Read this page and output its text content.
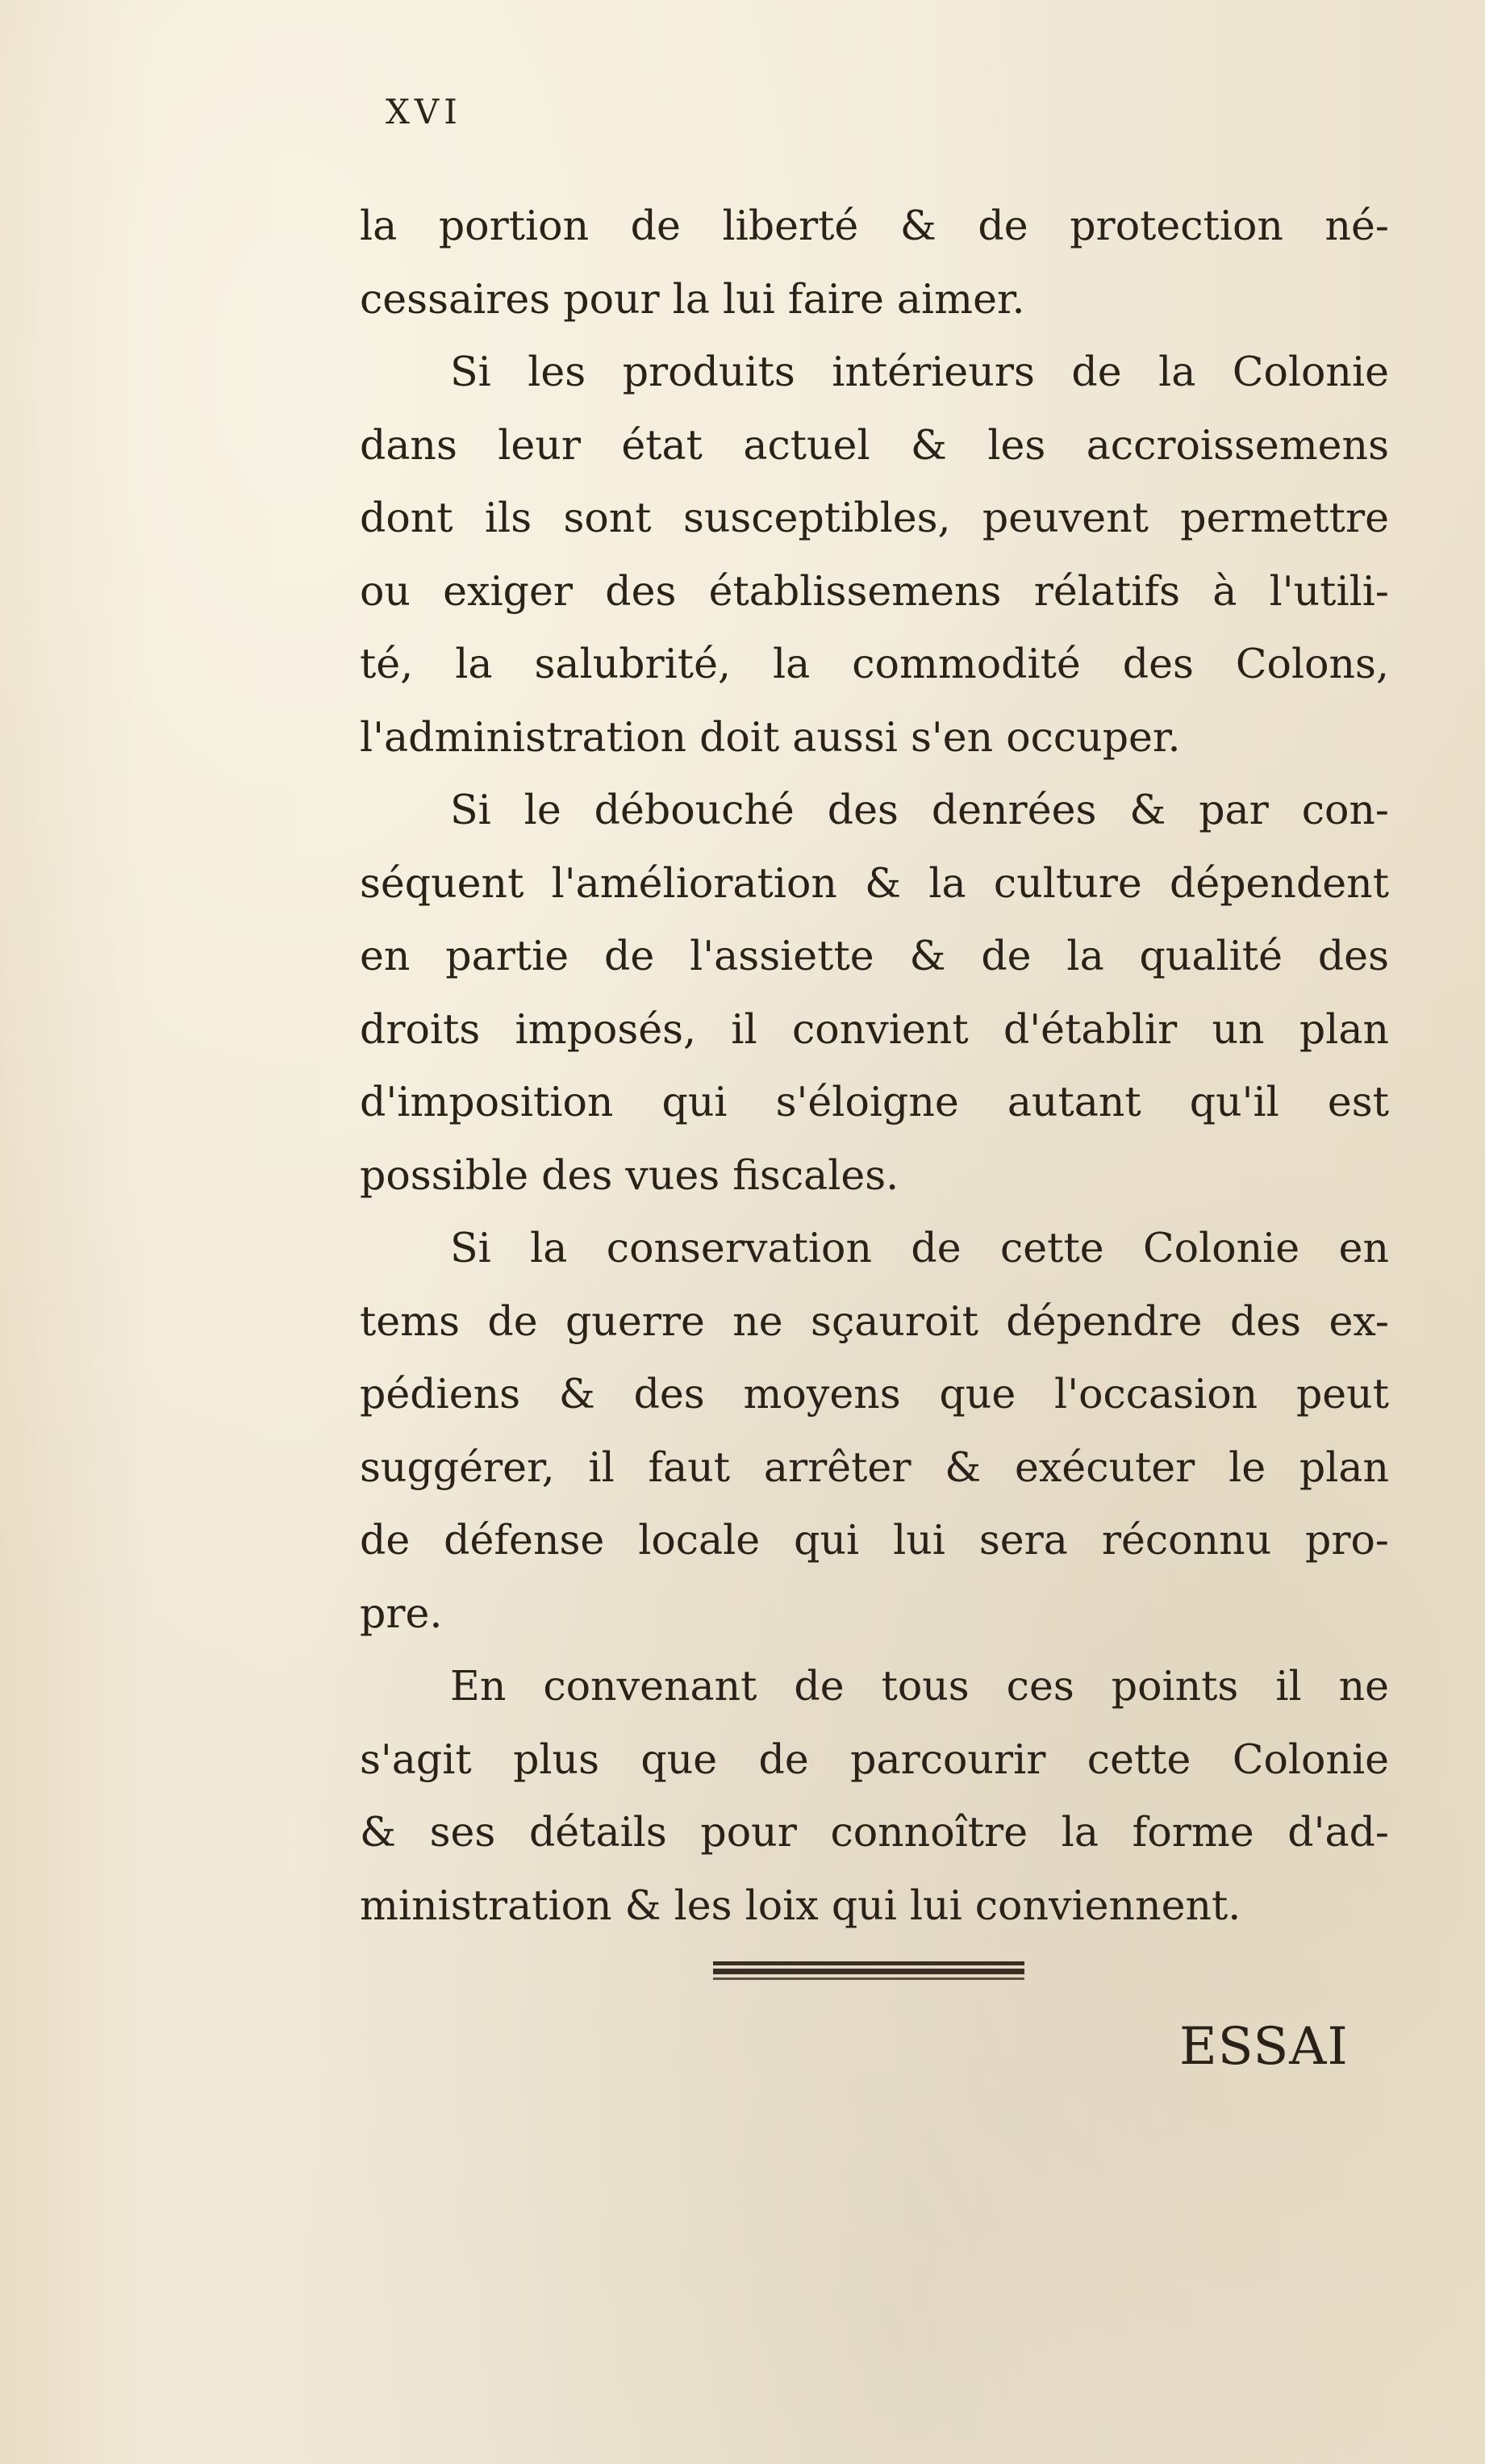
XVI
la portion de liberté & de protection né-
cessaires pour la lui faire aimer.
Si les produits intérieurs de la Colonie
dans leur état actuel & les accroissemens
dont ils sont susceptibles, peuvent permettre
ou exiger des établissemens rélatifs à l'utili-
té, la salubrité, la commodité des Colons,
l'administration doit aussi s'en occuper.
Si le débouché des denrées & par con-
séquent l'amélioration & la culture dépendent
en partie de l'assiette & de la qualité des
droits imposés, il convient d'établir un plan
d'imposition qui s'éloigne autant qu'il est
possible des vues fiscales.
Si la conservation de cette Colonie en
tems de guerre ne sçauroit dépendre des ex-
pédiens & des moyens que l'occasion peut
suggérer, il faut arrêter & exécuter le plan
de défense locale qui lui sera réconnu pro-
pre.
En convenant de tous ces points il ne
s'agit plus que de parcourir cette Colonie
& ses détails pour connoître la forme d'ad-
ministration & les loix qui lui conviennent.
ESSAI
